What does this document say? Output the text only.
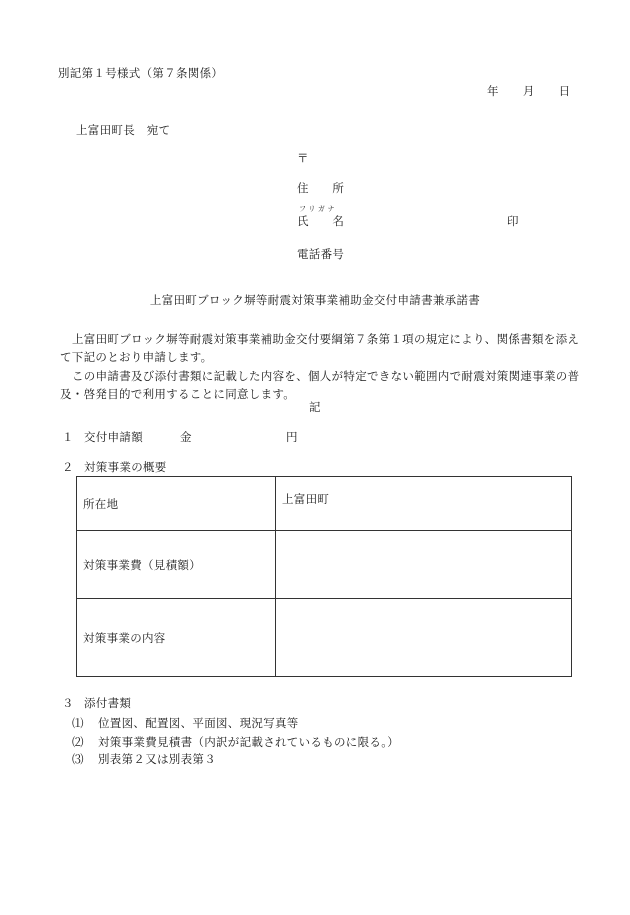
別記第１号様式（第７条関係）
年 月 日
上富田町長　宛て
〒
住　　所
フリガナ
氏　　名	印
電話番号
上富田町ブロック塀等耐震対策事業補助金交付申請書兼承諾書

上富田町ブロック塀等耐震対策事業補助金交付要綱第７条第１項の規定により、関係書類を添えて下記のとおり申請します。

この申請書及び添付書類に記載した内容を、個人が特定できない範囲内で耐震対策関連事業の普及・啓発目的で利用することに同意します。

記
１ 交付申請額	金	円
２ 対策事業の概要
所在地	上富田町
対策事業費（見積額）	
対策事業の内容	
３ 添付書類
⑴ 位置図、配置図、平面図、現況写真等
⑵ 対策事業費見積書（内訳が記載されているものに限る。）
⑶ 別表第２又は別表第３
